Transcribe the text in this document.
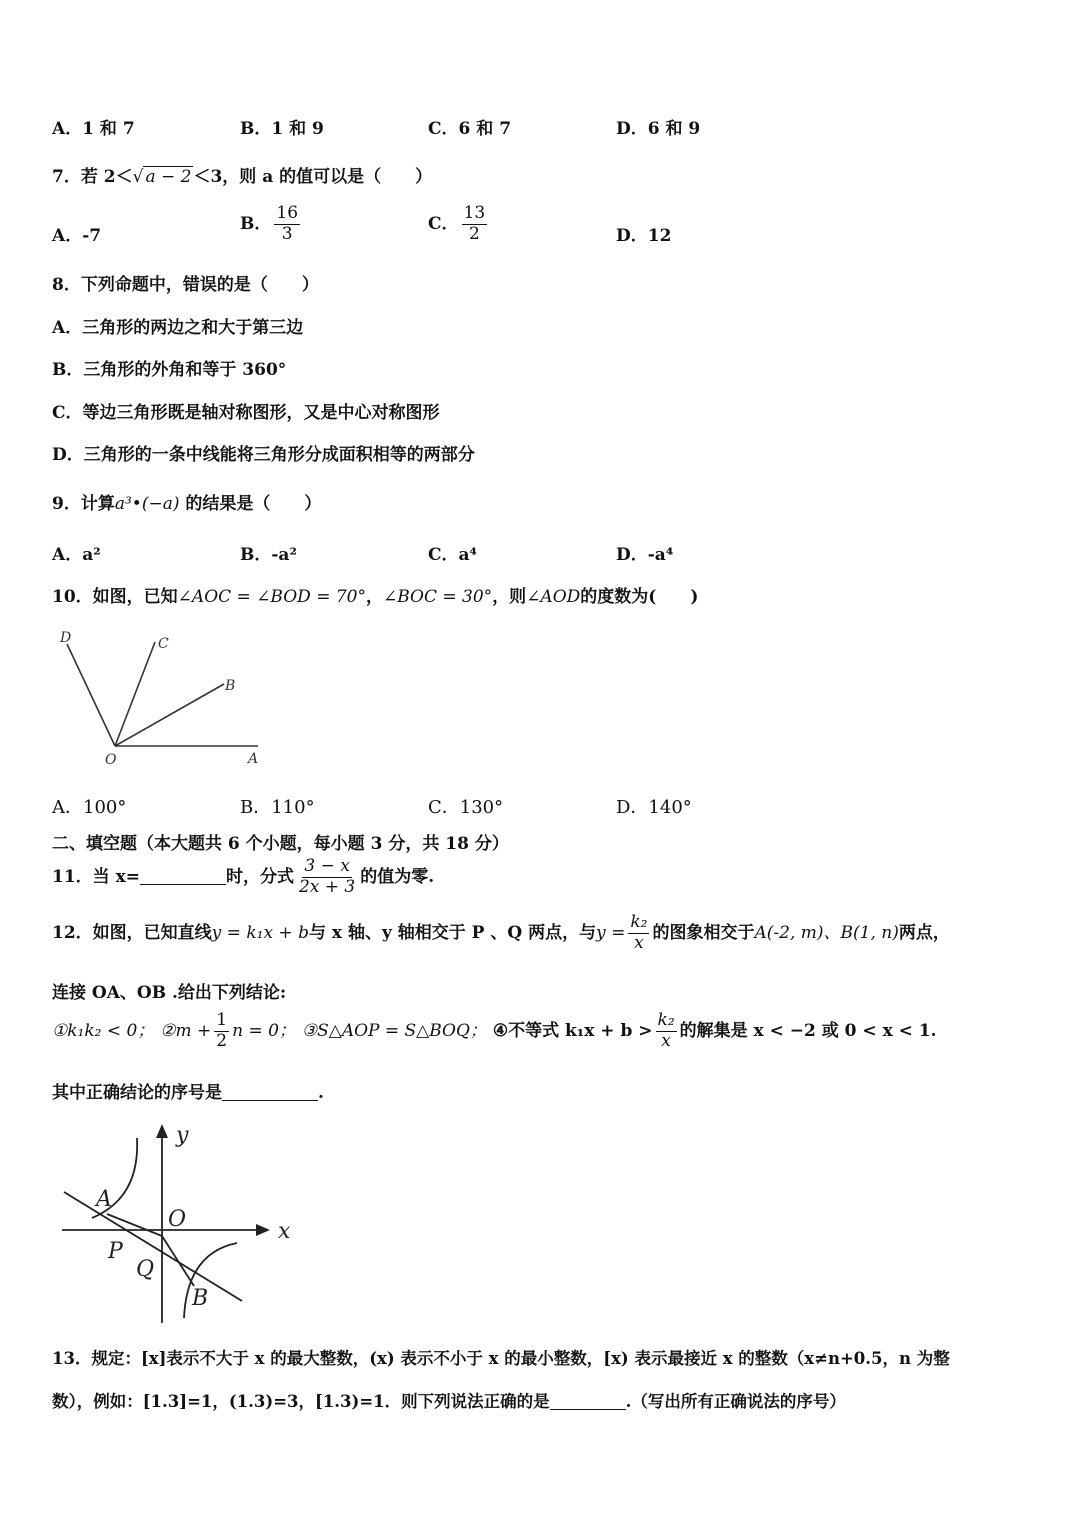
A．1 和 7	B．1 和 9	C．6 和 7	D．6 和 9
7．若 2＜√ a − 2 ＜3，则 a 的值可以是（　　）
A．-7
B． $\frac{16}{3}$	C． $\frac{13}{2}$	D．12
8．下列命题中，错误的是（　　）
A．三角形的两边之和大于第三边
B．三角形的外角和等于 360°
C．等边三角形既是轴对称图形，又是中心对称图形
D．三角形的一条中线能将三角形分成面积相等的两部分
9．计算a³•(−a) 的结果是（　　）
A．a²	B．-a²	C．a⁴	D．-a⁴
10．如图，已知∠AOC = ∠BOD = 70°，∠BOC = 30°，则∠AOD的度数为(　　)
D	C
B
O	A
A．100°	B．110°	C．130°	D．140°
二、填空题（本大题共 6 个小题，每小题 3 分，共 18 分）
11．当 x=	时，分式 $\frac{3 - x}{2x + 3}$ 的值为零.
12．如图，已知直线y = k₁x + b与 x 轴、y 轴相交于 P 、Q 两点，与$y = \frac{\text{k₂}}{x}$ 的图象相交于A(-2, m)、B(1, n)两点，
连接 OA、OB .给出下列结论:
①k₁k₂ < 0； ②m + $\frac{1}{2}$ n = 0； ③S△AOP = S△BOQ； ④不等式 $k_1x + b > \frac{\text{k₂}}{x}$ 的解集是 x < −2 或 0 < x < 1.
其中正确结论的序号是	.
y
x
A
O
P
Q
B
13．规定：[x]表示不大于 x 的最大整数，(x) 表示不小于 x 的最小整数，[x) 表示最接近 x 的整数（x≠n+0.5，n 为整
数），例如：[1.3]=1，(1.3)=3，[1.3)=1．则下列说法正确的是	.（写出所有正确说法的序号）
